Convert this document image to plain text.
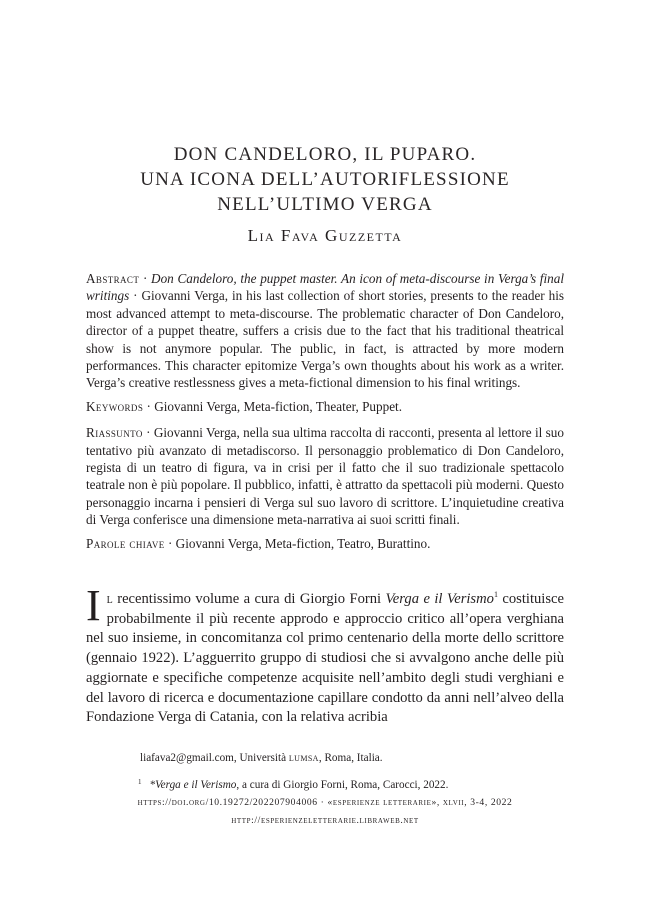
DON CANDELORO, IL PUPARO.
UNA ICONA DELL’AUTORIFLESSIONE
NELL’ULTIMO VERGA
Lia Fava Guzzetta

Abstract · Don Candeloro, the puppet master. An icon of meta-discourse in Verga’s final writings · Giovanni Verga, in his last collection of short stories, presents to the reader his most advanced attempt to meta-discourse. The problematic character of Don Candeloro, director of a puppet theatre, suffers a crisis due to the fact that his traditional theatrical show is not anymore popular. The public, in fact, is attracted by more modern performances. This character epitomize Verga’s own thoughts about his work as a writer. Verga’s creative restlessness gives a meta-fictional dimension to his final writings.

Keywords · Giovanni Verga, Meta-fiction, Theater, Puppet.

Riassunto · Giovanni Verga, nella sua ultima raccolta di racconti, presenta al lettore il suo tentativo più avanzato di metadiscorso. Il personaggio problematico di Don Candeloro, regista di un teatro di figura, va in crisi per il fatto che il suo tradizionale spettacolo teatrale non è più popolare. Il pubblico, infatti, è attratto da spettacoli più moderni. Questo personaggio incarna i pensieri di Verga sul suo lavoro di scrittore. L’inquietudine creativa di Verga conferisce una dimensione meta-narrativa ai suoi scritti finali.

Parole chiave · Giovanni Verga, Meta-fiction, Teatro, Burattino.

Il recentissimo volume a cura di Giorgio Forni Verga e il Verismo$^1$ costituisce probabilmente il più recente approdo e approccio critico all’opera verghiana nel suo insieme, in concomitanza col primo centenario della morte dello scrittore (gennaio 1922). L’agguerrito gruppo di studiosi che si avvalgono anche delle più aggiornate e specifiche competenze acquisite nell’ambito degli studi verghiani e del lavoro di ricerca e documentazione capillare condotto da anni nell’alveo della Fondazione Verga di Catania, con la relativa acribia

liafava2@gmail.com, Università lumsa, Roma, Italia.
$^1$ *Verga e il Verismo, a cura di Giorgio Forni, Roma, Carocci, 2022.
https://doi.org/10.19272/202207904006 · «esperienze letterarie», xlvii, 3-4, 2022
http://esperienzeletterarie.libraweb.net
